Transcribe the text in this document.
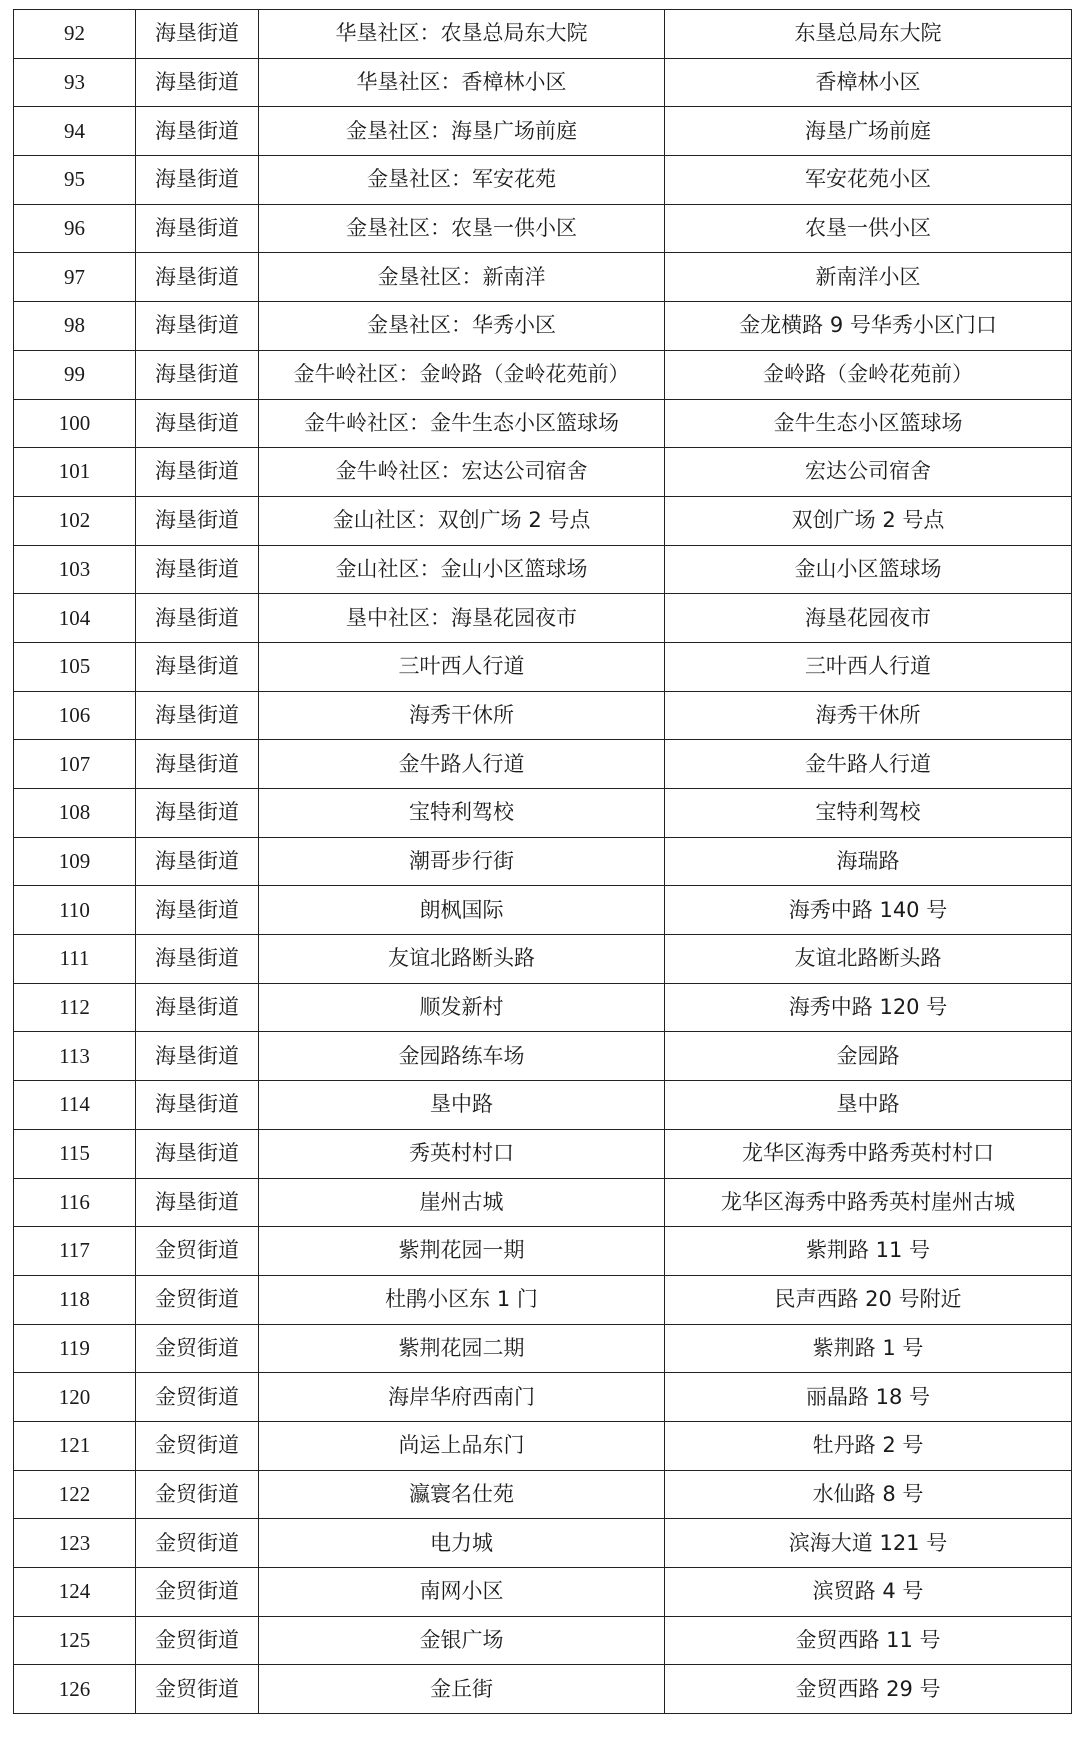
92	海垦街道	华垦社区：农垦总局东大院	东垦总局东大院
93	海垦街道	华垦社区：香樟林小区	香樟林小区
94	海垦街道	金垦社区：海垦广场前庭	海垦广场前庭
95	海垦街道	金垦社区：军安花苑	军安花苑小区
96	海垦街道	金垦社区：农垦一供小区	农垦一供小区
97	海垦街道	金垦社区：新南洋	新南洋小区
98	海垦街道	金垦社区：华秀小区	金龙横路 9 号华秀小区门口
99	海垦街道	金牛岭社区：金岭路（金岭花苑前）	金岭路（金岭花苑前）
100	海垦街道	金牛岭社区：金牛生态小区篮球场	金牛生态小区篮球场
101	海垦街道	金牛岭社区：宏达公司宿舍	宏达公司宿舍
102	海垦街道	金山社区：双创广场 2 号点	双创广场 2 号点
103	海垦街道	金山社区：金山小区篮球场	金山小区篮球场
104	海垦街道	垦中社区：海垦花园夜市	海垦花园夜市
105	海垦街道	三叶西人行道	三叶西人行道
106	海垦街道	海秀干休所	海秀干休所
107	海垦街道	金牛路人行道	金牛路人行道
108	海垦街道	宝特利驾校	宝特利驾校
109	海垦街道	潮哥步行街	海瑞路
110	海垦街道	朗枫国际	海秀中路 140 号
111	海垦街道	友谊北路断头路	友谊北路断头路
112	海垦街道	顺发新村	海秀中路 120 号
113	海垦街道	金园路练车场	金园路
114	海垦街道	垦中路	垦中路
115	海垦街道	秀英村村口	龙华区海秀中路秀英村村口
116	海垦街道	崖州古城	龙华区海秀中路秀英村崖州古城
117	金贸街道	紫荆花园一期	紫荆路 11 号
118	金贸街道	杜鹃小区东 1 门	民声西路 20 号附近
119	金贸街道	紫荆花园二期	紫荆路 1 号
120	金贸街道	海岸华府西南门	丽晶路 18 号
121	金贸街道	尚运上品东门	牡丹路 2 号
122	金贸街道	瀛寰名仕苑	水仙路 8 号
123	金贸街道	电力城	滨海大道 121 号
124	金贸街道	南网小区	滨贸路 4 号
125	金贸街道	金银广场	金贸西路 11 号
126	金贸街道	金丘街	金贸西路 29 号
